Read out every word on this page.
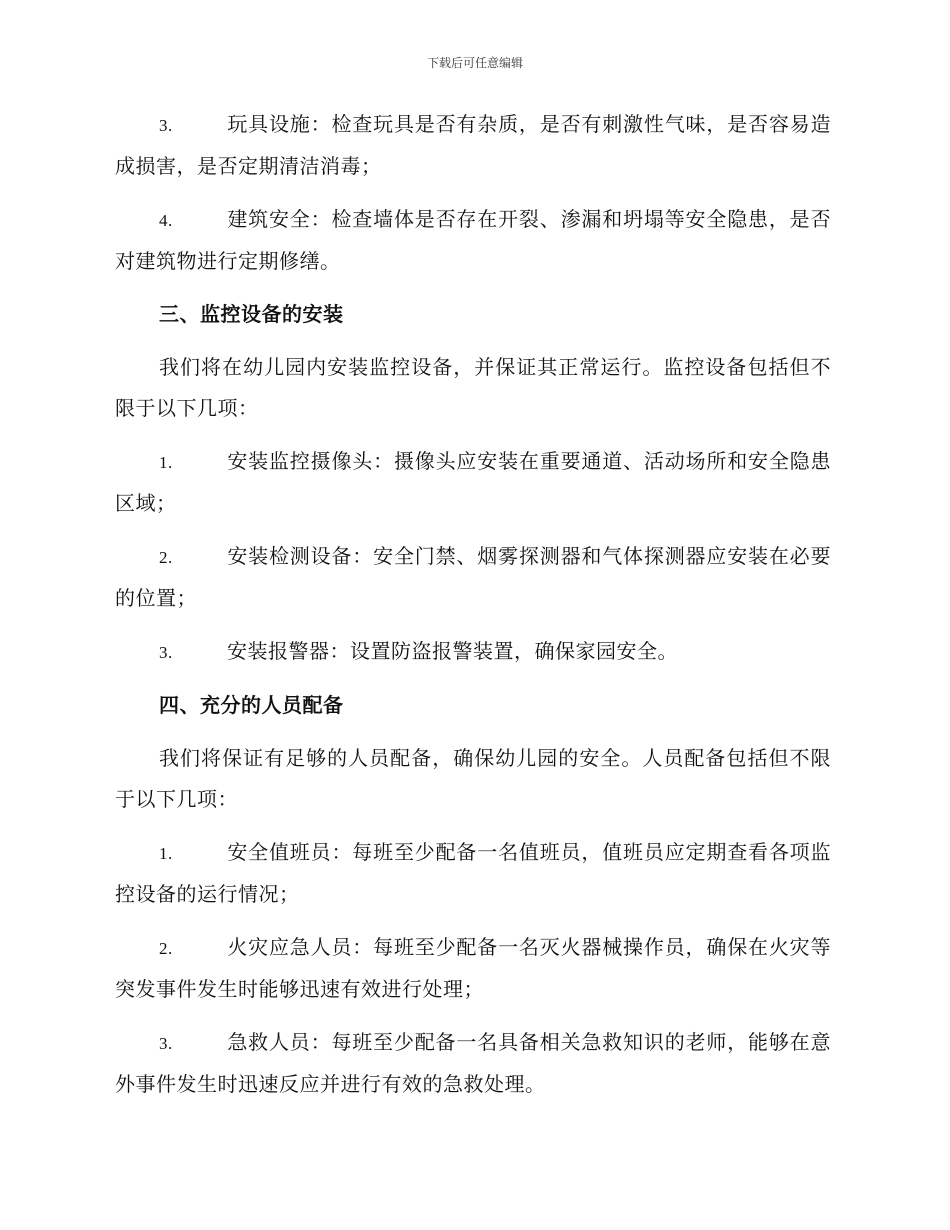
下载后可任意编辑

3.	玩具设施：检查玩具是否有杂质，是否有刺激性气味，是否容易造成损害，是否定期清洁消毒；

4.	建筑安全：检查墙体是否存在开裂、渗漏和坍塌等安全隐患，是否对建筑物进行定期修缮。

三、监控设备的安装

我们将在幼儿园内安装监控设备，并保证其正常运行。监控设备包括但不限于以下几项：

1.	安装监控摄像头：摄像头应安装在重要通道、活动场所和安全隐患区域；

2.	安装检测设备：安全门禁、烟雾探测器和气体探测器应安装在必要的位置；

3.	安装报警器：设置防盗报警装置，确保家园安全。

四、充分的人员配备

我们将保证有足够的人员配备，确保幼儿园的安全。人员配备包括但不限于以下几项：

1.	安全值班员：每班至少配备一名值班员，值班员应定期查看各项监控设备的运行情况；

2.	火灾应急人员：每班至少配备一名灭火器械操作员，确保在火灾等突发事件发生时能够迅速有效进行处理；

3.	急救人员：每班至少配备一名具备相关急救知识的老师，能够在意外事件发生时迅速反应并进行有效的急救处理。
